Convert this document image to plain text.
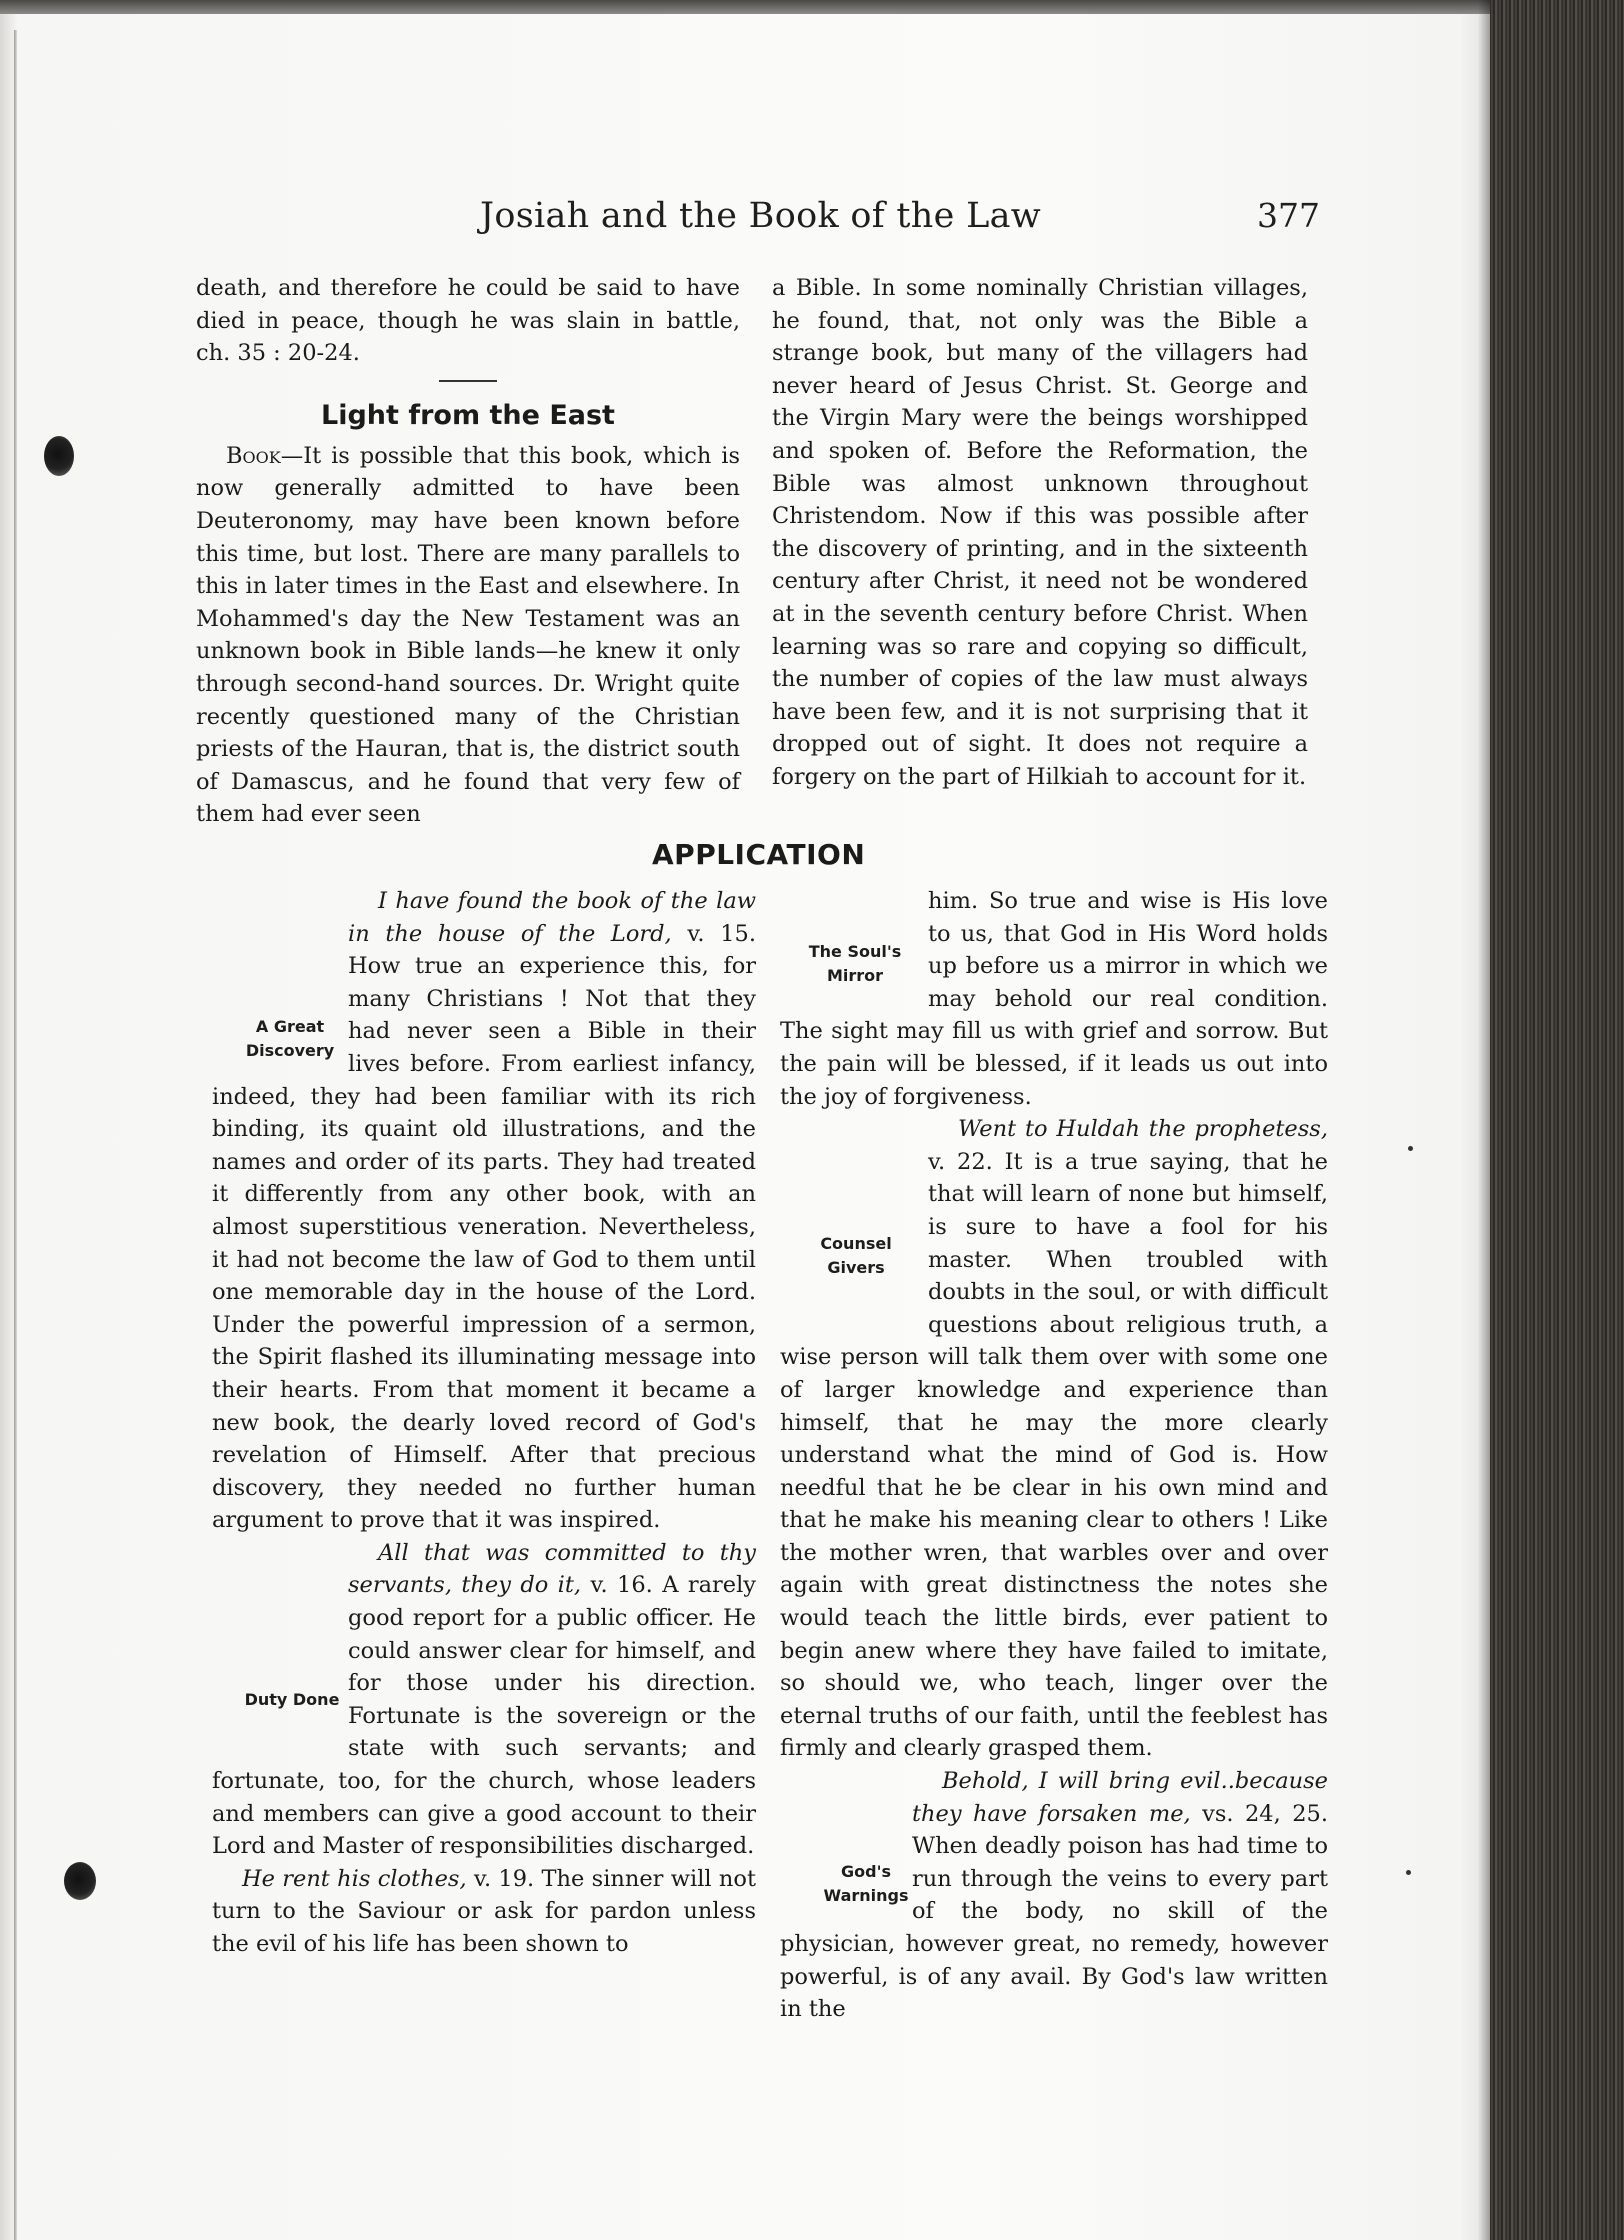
Josiah and the Book of the Law	377

death, and therefore he could be said to have died in peace, though he was slain in battle, ch. 35 : 20-24.

Light from the East

Book—It is possible that this book, which is now generally admitted to have been Deuteronomy, may have been known before this time, but lost. There are many parallels to this in later times in the East and elsewhere. In Mohammed's day the New Testament was an unknown book in Bible lands—he knew it only through second-hand sources. Dr. Wright quite recently questioned many of the Christian priests of the Hauran, that is, the district south of Damascus, and he found that very few of them had ever seen

a Bible. In some nominally Christian villages, he found, that, not only was the Bible a strange book, but many of the villagers had never heard of Jesus Christ. St. George and the Virgin Mary were the beings worshipped and spoken of. Before the Reformation, the Bible was almost unknown throughout Christendom. Now if this was possible after the discovery of printing, and in the sixteenth century after Christ, it need not be wondered at in the seventh century before Christ. When learning was so rare and copying so difficult, the number of copies of the law must always have been few, and it is not surprising that it dropped out of sight. It does not require a forgery on the part of Hilkiah to account for it.

APPLICATION

I have found the book of the law in the house of the Lord, v. 15. How true an experience this, for many Christians ! Not that they had never seen a Bible in their lives before. From earliest infancy, indeed, they had been familiar with its rich binding, its quaint old illustrations, and the names and order of its parts. They had treated it differently from any other book, with an almost superstitious veneration. Nevertheless, it had not become the law of God to them until one memorable day in the house of the Lord. Under the powerful impression of a sermon, the Spirit flashed its illuminating message into their hearts. From that moment it became a new book, the dearly loved record of God's revelation of Himself. After that precious discovery, they needed no further human argument to prove that it was inspired.

All that was committed to thy servants, they do it, v. 16. A rarely good report for a public officer. He could answer clear for himself, and for those under his direction. Fortunate is the sovereign or the state with such servants; and fortunate, too, for the church, whose leaders and members can give a good account to their Lord and Master of responsibilities discharged.

He rent his clothes, v. 19. The sinner will not turn to the Saviour or ask for pardon unless the evil of his life has been shown to

him. So true and wise is His love to us, that God in His Word holds up before us a mirror in which we may behold our real condition. The sight may fill us with grief and sorrow. But the pain will be blessed, if it leads us out into the joy of forgiveness.

Went to Huldah the prophetess, v. 22. It is a true saying, that he that will learn of none but himself, is sure to have a fool for his master. When troubled with doubts in the soul, or with difficult questions about religious truth, a wise person will talk them over with some one of larger knowledge and experience than himself, that he may the more clearly understand what the mind of God is. How needful that he be clear in his own mind and that he make his meaning clear to others ! Like the mother wren, that warbles over and over again with great distinctness the notes she would teach the little birds, ever patient to begin anew where they have failed to imitate, so should we, who teach, linger over the eternal truths of our faith, until the feeblest has firmly and clearly grasped them.

Behold, I will bring evil..because they have forsaken me, vs. 24, 25. When deadly poison has had time to run through the veins to every part of the body, no skill of the physician, however great, no remedy, however powerful, is of any avail. By God's law written in the

A Great
Discovery
Duty Done
The Soul's
Mirror
Counsel
Givers
God's
Warnings
